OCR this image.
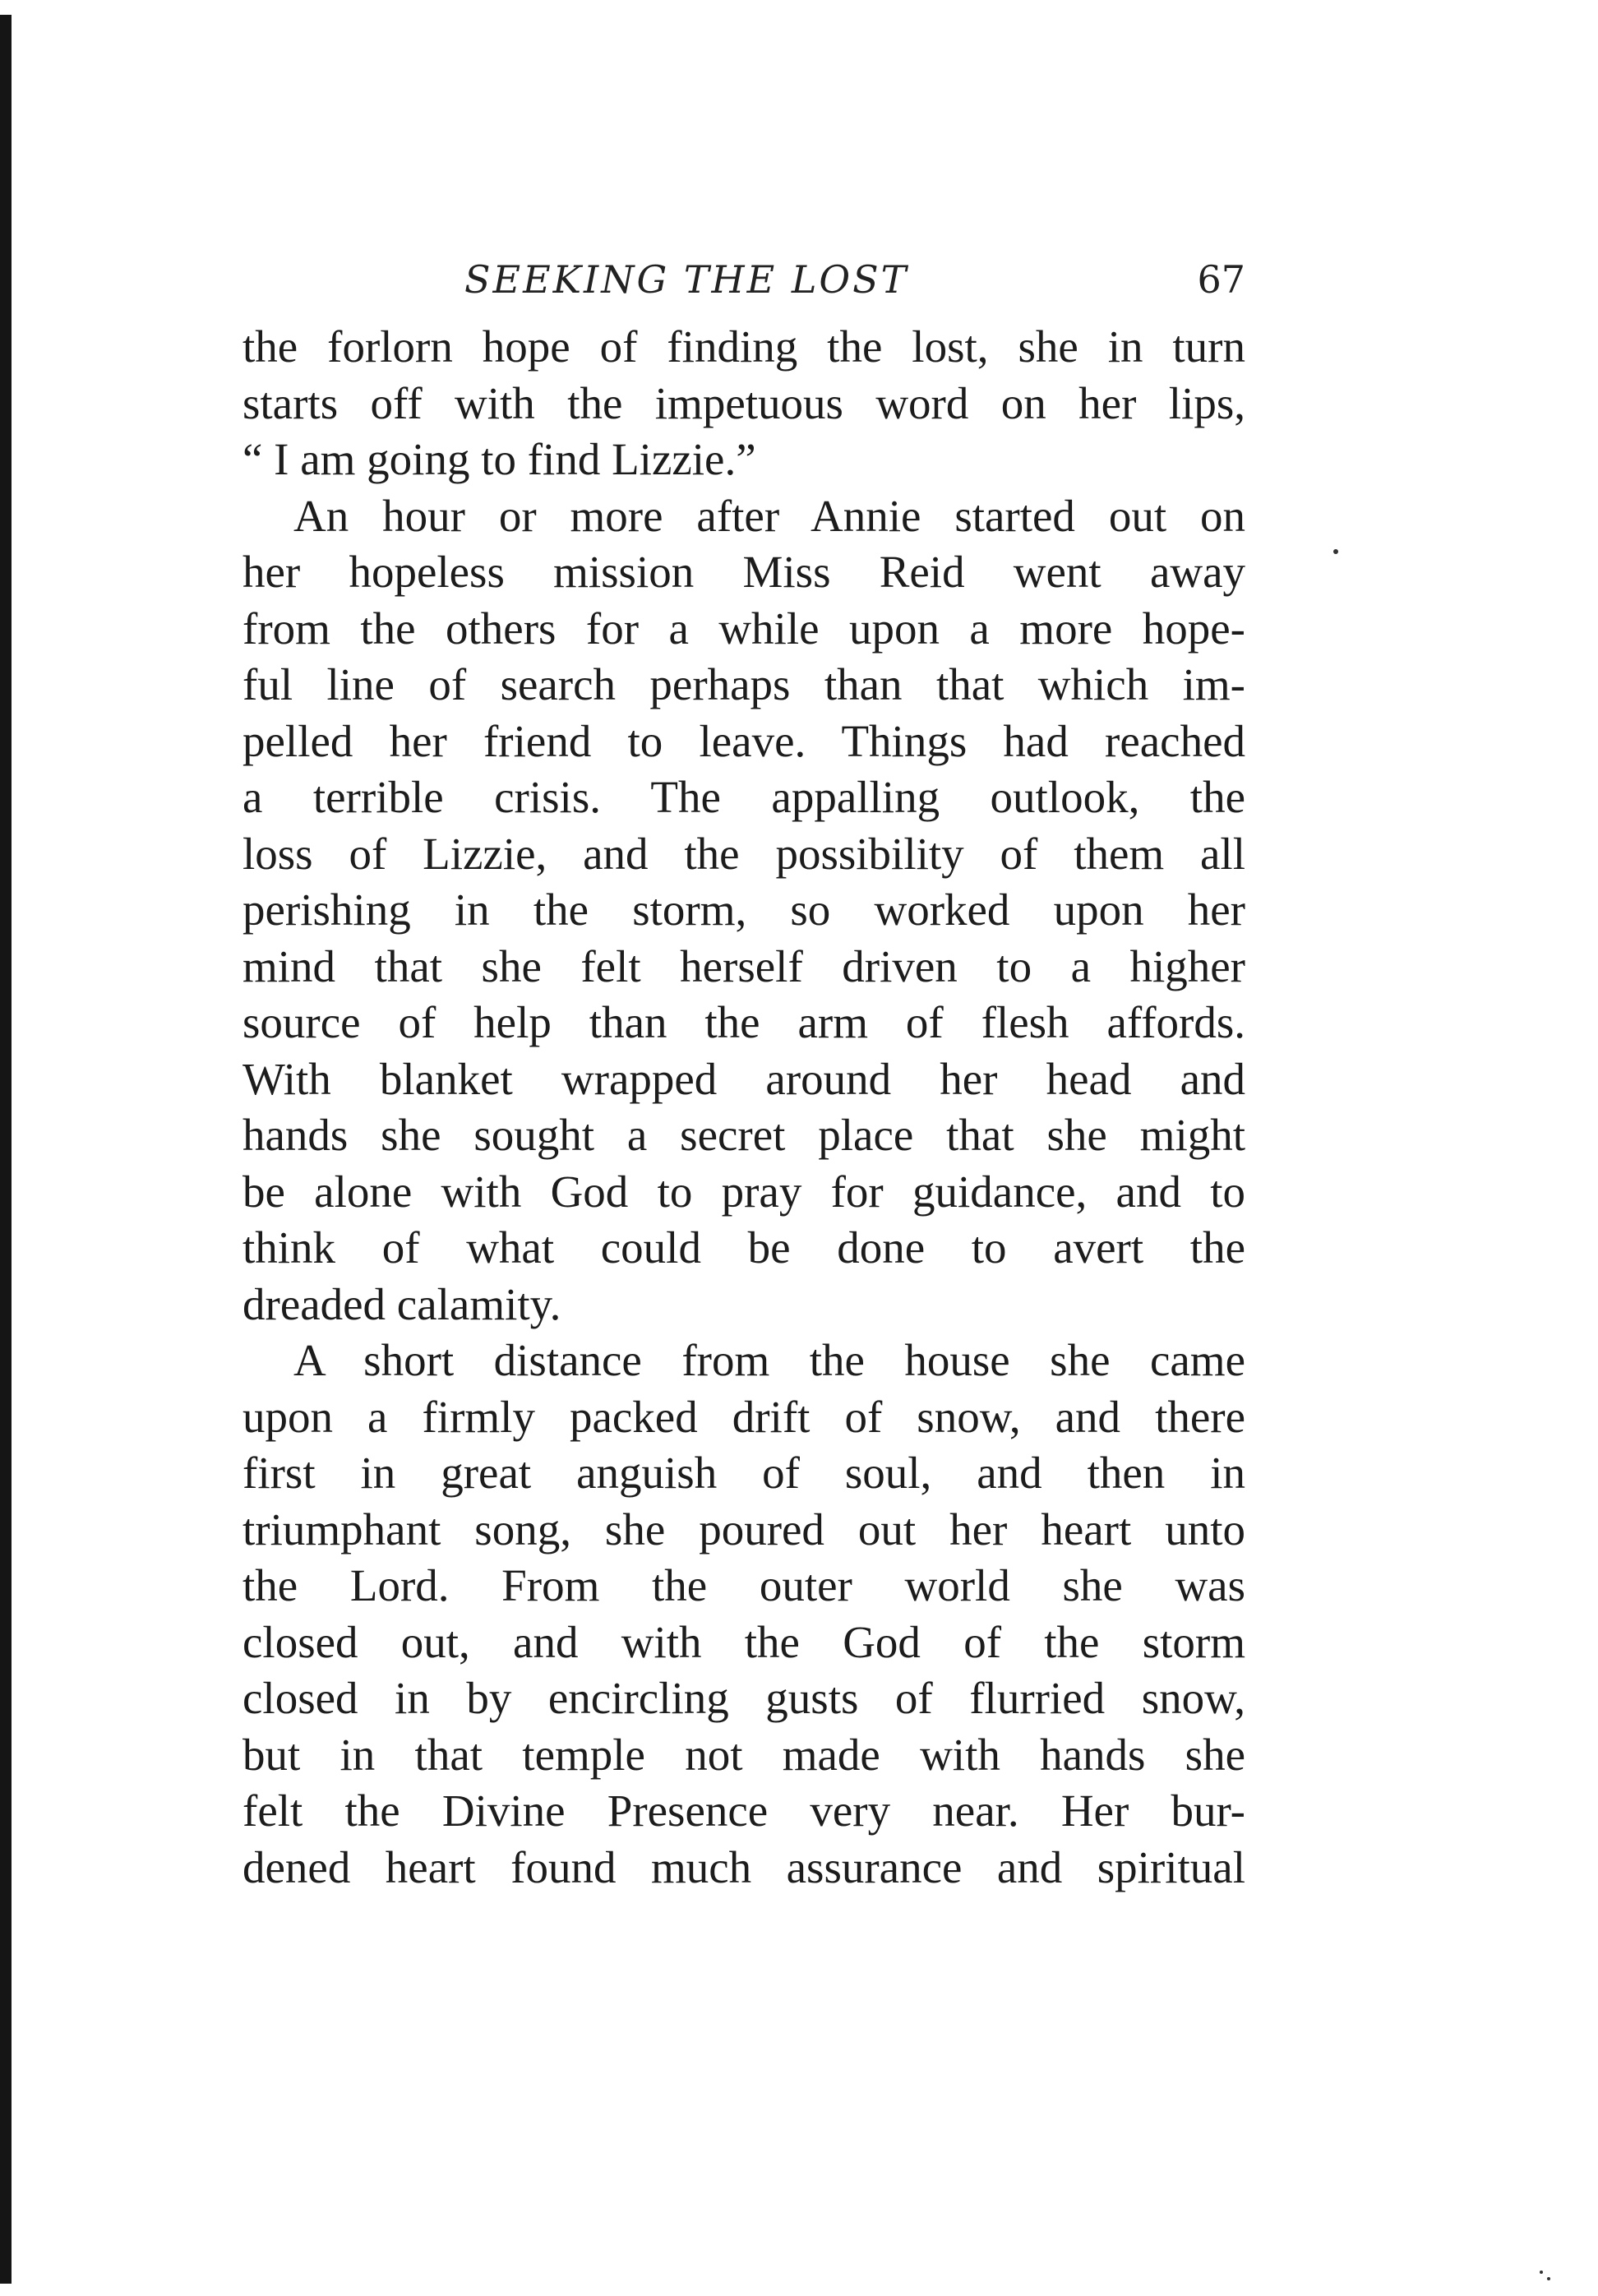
SEEKING THE LOST	67
the forlorn hope of finding the lost, she in turn
starts off with the impetuous word on her lips,
“ I am going to find Lizzie.”
An hour or more after Annie started out on
her hopeless mission Miss Reid went away
from the others for a while upon a more hope-
ful line of search perhaps than that which im-
pelled her friend to leave. Things had reached
a terrible crisis. The appalling outlook, the
loss of Lizzie, and the possibility of them all
perishing in the storm, so worked upon her
mind that she felt herself driven to a higher
source of help than the arm of flesh affords.
With blanket wrapped around her head and
hands she sought a secret place that she might
be alone with God to pray for guidance, and to
think of what could be done to avert the
dreaded calamity.
A short distance from the house she came
upon a firmly packed drift of snow, and there
first in great anguish of soul, and then in
triumphant song, she poured out her heart unto
the Lord. From the outer world she was
closed out, and with the God of the storm
closed in by encircling gusts of flurried snow,
but in that temple not made with hands she
felt the Divine Presence very near. Her bur-
dened heart found much assurance and spiritual
